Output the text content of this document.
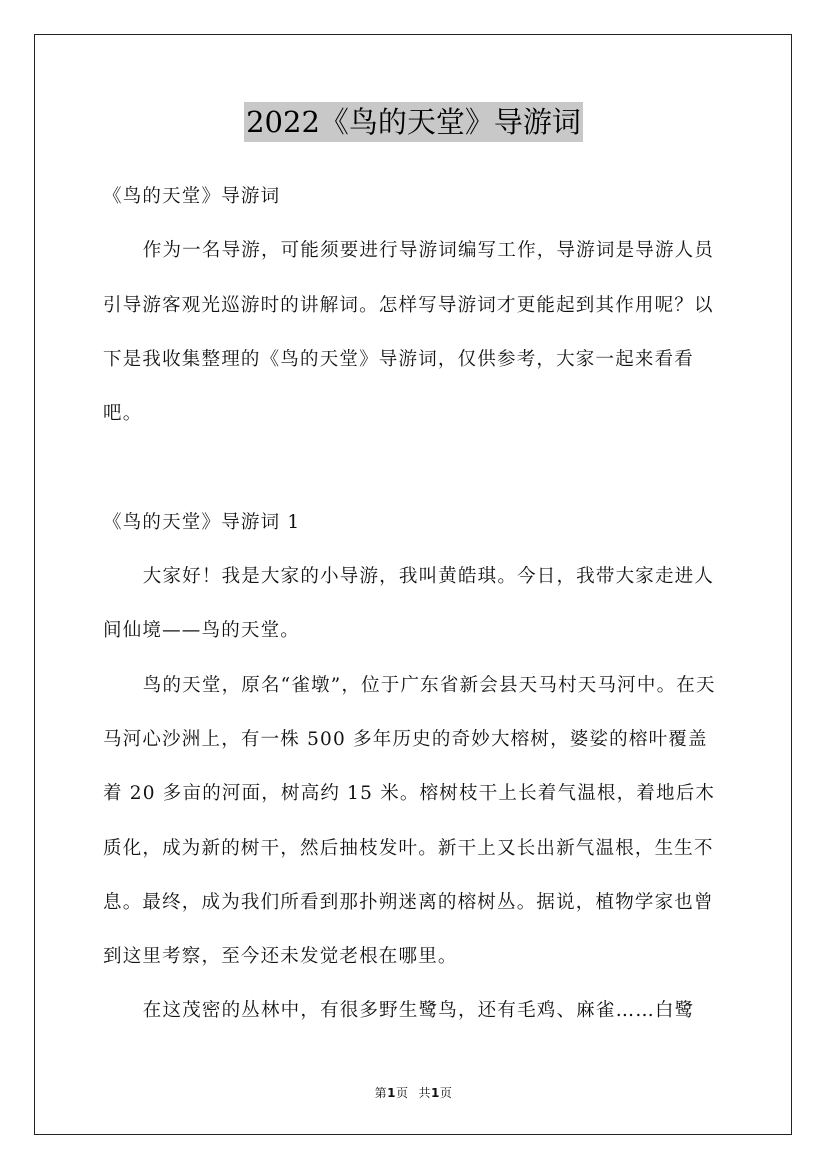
2022《鸟的天堂》导游词

《鸟的天堂》导游词

作为一名导游，可能须要进行导游词编写工作，导游词是导游人员引导游客观光巡游时的讲解词。怎样写导游词才更能起到其作用呢？以下是我收集整理的《鸟的天堂》导游词，仅供参考，大家一起来看看吧。

《鸟的天堂》导游词 1

大家好！我是大家的小导游，我叫黄皓琪。今日，我带大家走进人间仙境——鸟的天堂。

鸟的天堂，原名“雀墩”，位于广东省新会县天马村天马河中。在天马河心沙洲上，有一株 500 多年历史的奇妙大榕树，婆娑的榕叶覆盖着 20 多亩的河面，树高约 15 米。榕树枝干上长着气温根，着地后木质化，成为新的树干，然后抽枝发叶。新干上又长出新气温根，生生不息。最终，成为我们所看到那扑朔迷离的榕树丛。据说，植物学家也曾到这里考察，至今还未发觉老根在哪里。

在这茂密的丛林中，有很多野生鹭鸟，还有毛鸡、麻雀……白鹭

第1页 共1页
